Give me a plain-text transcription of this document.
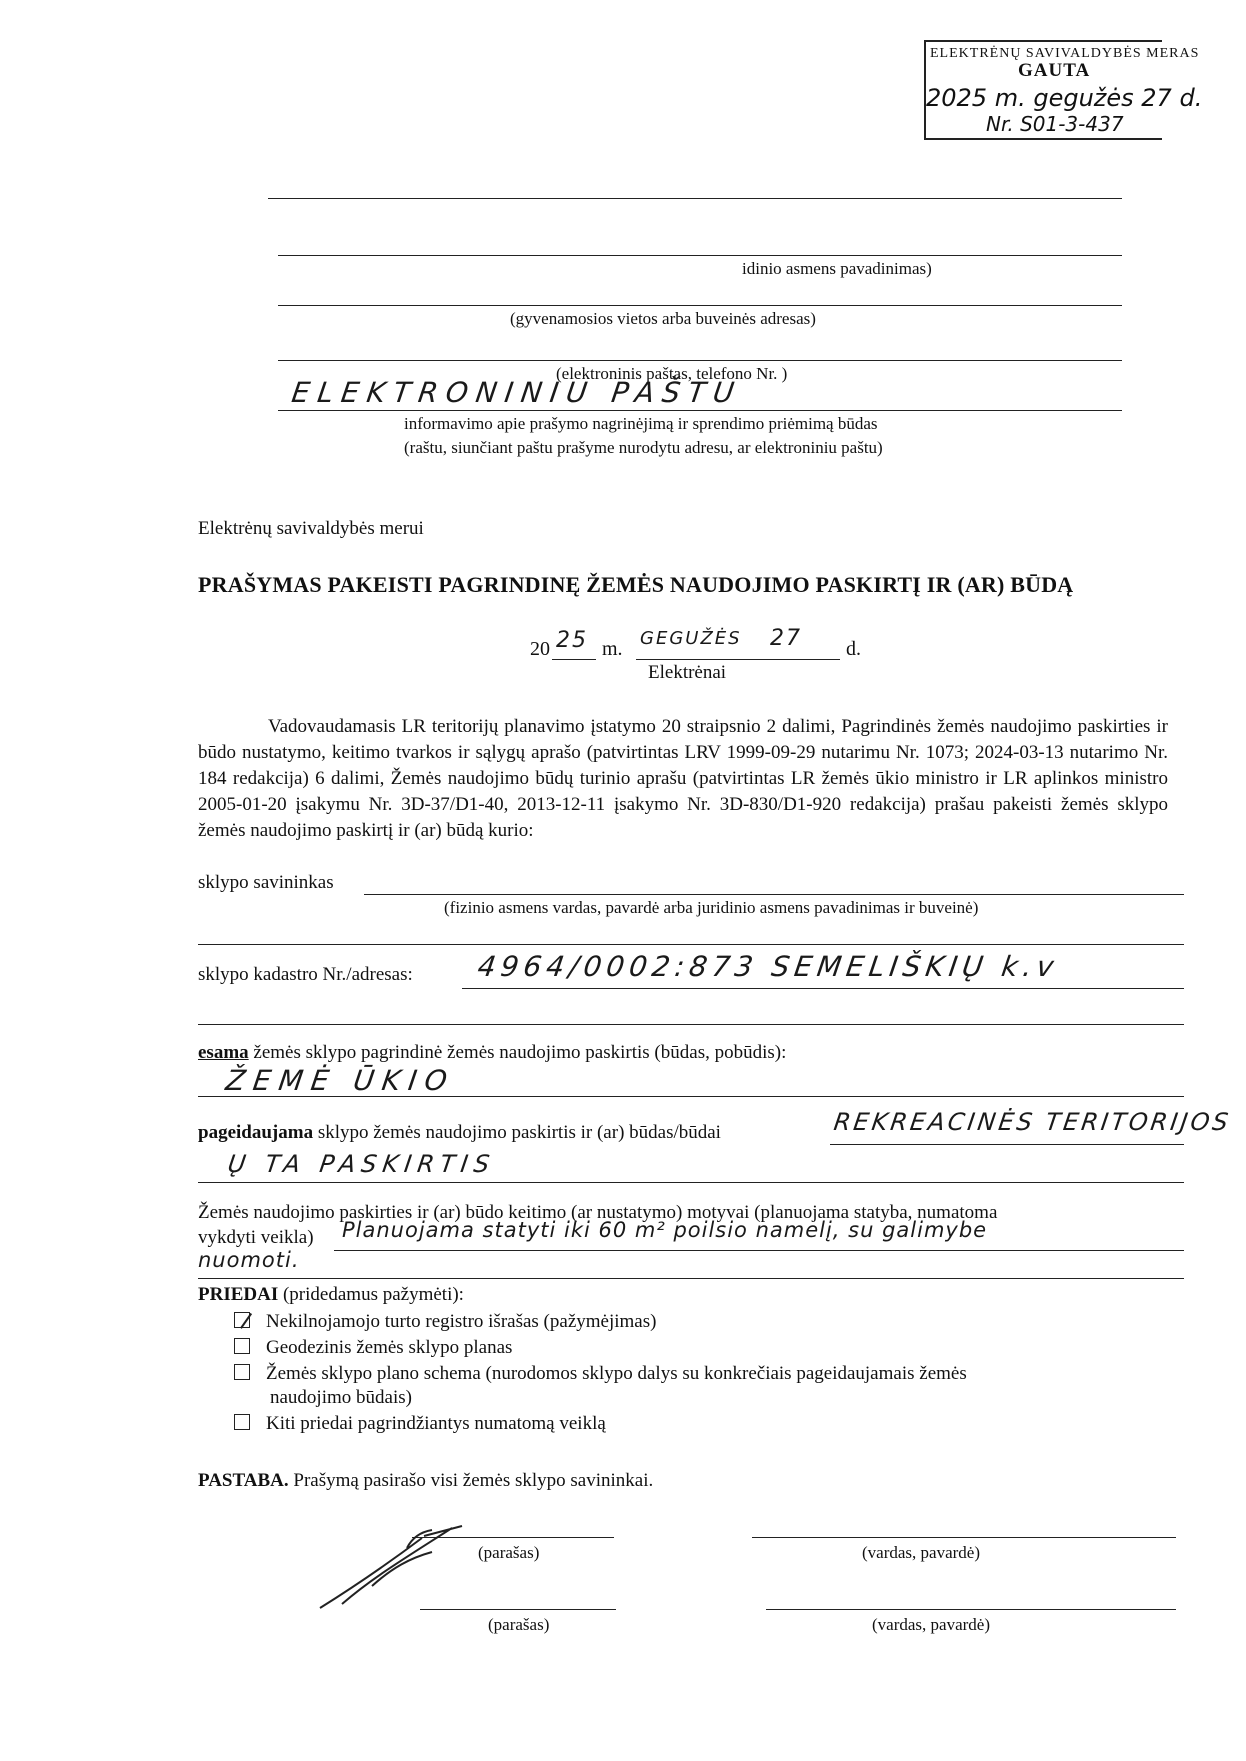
ELEKTRĖNŲ SAVIVALDYBĖS MERAS
GAUTA
2025 m. gegužės 27 d.
Nr. S01-3-437
idinio asmens pavadinimas)
(gyvenamosios vietos arba buveinės adresas)
(elektroninis paštas, telefono Nr. )
ELEKTRONINIU PAŠTU
informavimo apie prašymo nagrinėjimą ir sprendimo priėmimą būdas
(raštu, siunčiant paštu prašyme nurodytu adresu, ar elektroniniu paštu)
Elektrėnų savivaldybės merui
PRAŠYMAS PAKEISTI PAGRINDINĘ ŽEMĖS NAUDOJIMO PASKIRTĮ IR (AR) BŪDĄ
20 25 m. GEGUŽĖS 27 d.
Elektrėnai
Vadovaudamasis LR teritorijų planavimo įstatymo 20 straipsnio 2 dalimi, Pagrindinės žemės naudojimo paskirties ir būdo nustatymo, keitimo tvarkos ir sąlygų aprašo (patvirtintas LRV 1999-09-29 nutarimu Nr. 1073; 2024-03-13 nutarimo Nr. 184 redakcija) 6 dalimi, Žemės naudojimo būdų turinio aprašu (patvirtintas LR žemės ūkio ministro ir LR aplinkos ministro 2005-01-20 įsakymu Nr. 3D-37/D1-40, 2013-12-11 įsakymo Nr. 3D-830/D1-920 redakcija) prašau pakeisti žemės sklypo žemės naudojimo paskirtį ir (ar) būdą kurio:
sklypo savininkas
(fizinio asmens vardas, pavardė arba juridinio asmens pavadinimas ir buveinė)
sklypo kadastro Nr./adresas: 4964/0002:873 SEMELIŠKIŲ k.v
esama žemės sklypo pagrindinė žemės naudojimo paskirtis (būdas, pobūdis):
ŽEMĖ ŪKIO
pageidaujama sklypo žemės naudojimo paskirtis ir (ar) būdas/būdai	REKREACINĖS TERITORIJOS
Ų TA PASKIRTIS
Žemės naudojimo paskirties ir (ar) būdo keitimo (ar nustatymo) motyvai (planuojama statyba, numatoma
vykdyti veikla) Planuojama statyti iki 60 m² poilsio namelį, su galimybe
nuomoti.
PRIEDAI (pridedamus pažymėti):
Nekilnojamojo turto registro išrašas (pažymėjimas)
Geodezinis žemės sklypo planas
Žemės sklypo plano schema (nurodomos sklypo dalys su konkrečiais pageidaujamais žemės
naudojimo būdais)
Kiti priedai pagrindžiantys numatomą veiklą
PASTABA. Prašymą pasirašo visi žemės sklypo savininkai.
(parašas)	(vardas, pavardė)
(parašas)	(vardas, pavardė)
